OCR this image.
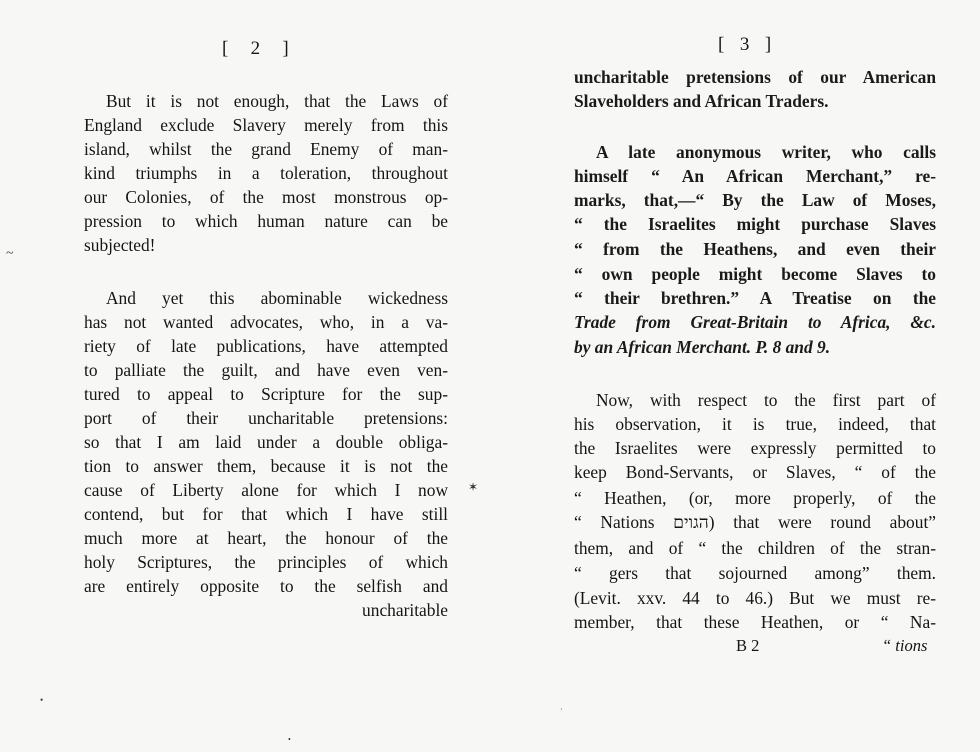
[   2   ]
But it is not enough, that the Laws of
England exclude Slavery merely from this
island, whilst the grand Enemy of man-
kind triumphs in a toleration, throughout
our Colonies, of the most monstrous op-
pression to which human nature can be
subjected!
And yet this abominable wickedness
has not wanted advocates, who, in a va-
riety of late publications, have attempted
to palliate the guilt, and have even ven-
tured to appeal to Scripture for the sup-
port of their uncharitable pretensions:
so that I am laid under a double obliga-
tion to answer them, because it is not the
cause of Liberty alone for which I now
contend, but for that which I have still
much more at heart, the honour of the
holy Scriptures, the principles of which
are entirely opposite to the selfish and
uncharitable
~
•
[  3  ]
uncharitable pretensions of our American
Slaveholders and African Traders.
A late anonymous writer, who calls
himself “ An African Merchant,” re-
marks, that,—“ By the Law of Moses,
“ the Israelites might purchase Slaves
“ from the Heathens, and even their
“ own people might become Slaves to
“ their brethren.” A Treatise on the
Trade from Great-Britain to Africa, &c.
by an African Merchant. P. 8 and 9.
Now, with respect to the first part of
his observation, it is true, indeed, that
the Israelites were expressly permitted to
keep Bond-Servants, or Slaves, “ of the
“ Heathen, (or, more properly, of the
“ Nations הגוים) that were round about”
them, and of “ the children of the stran-
“ gers that sojourned among” them.
(Levit. xxv. 44 to 46.) But we must re-
member, that these Heathen, or “ Na-
B 2	“ tions
✶
•
·
